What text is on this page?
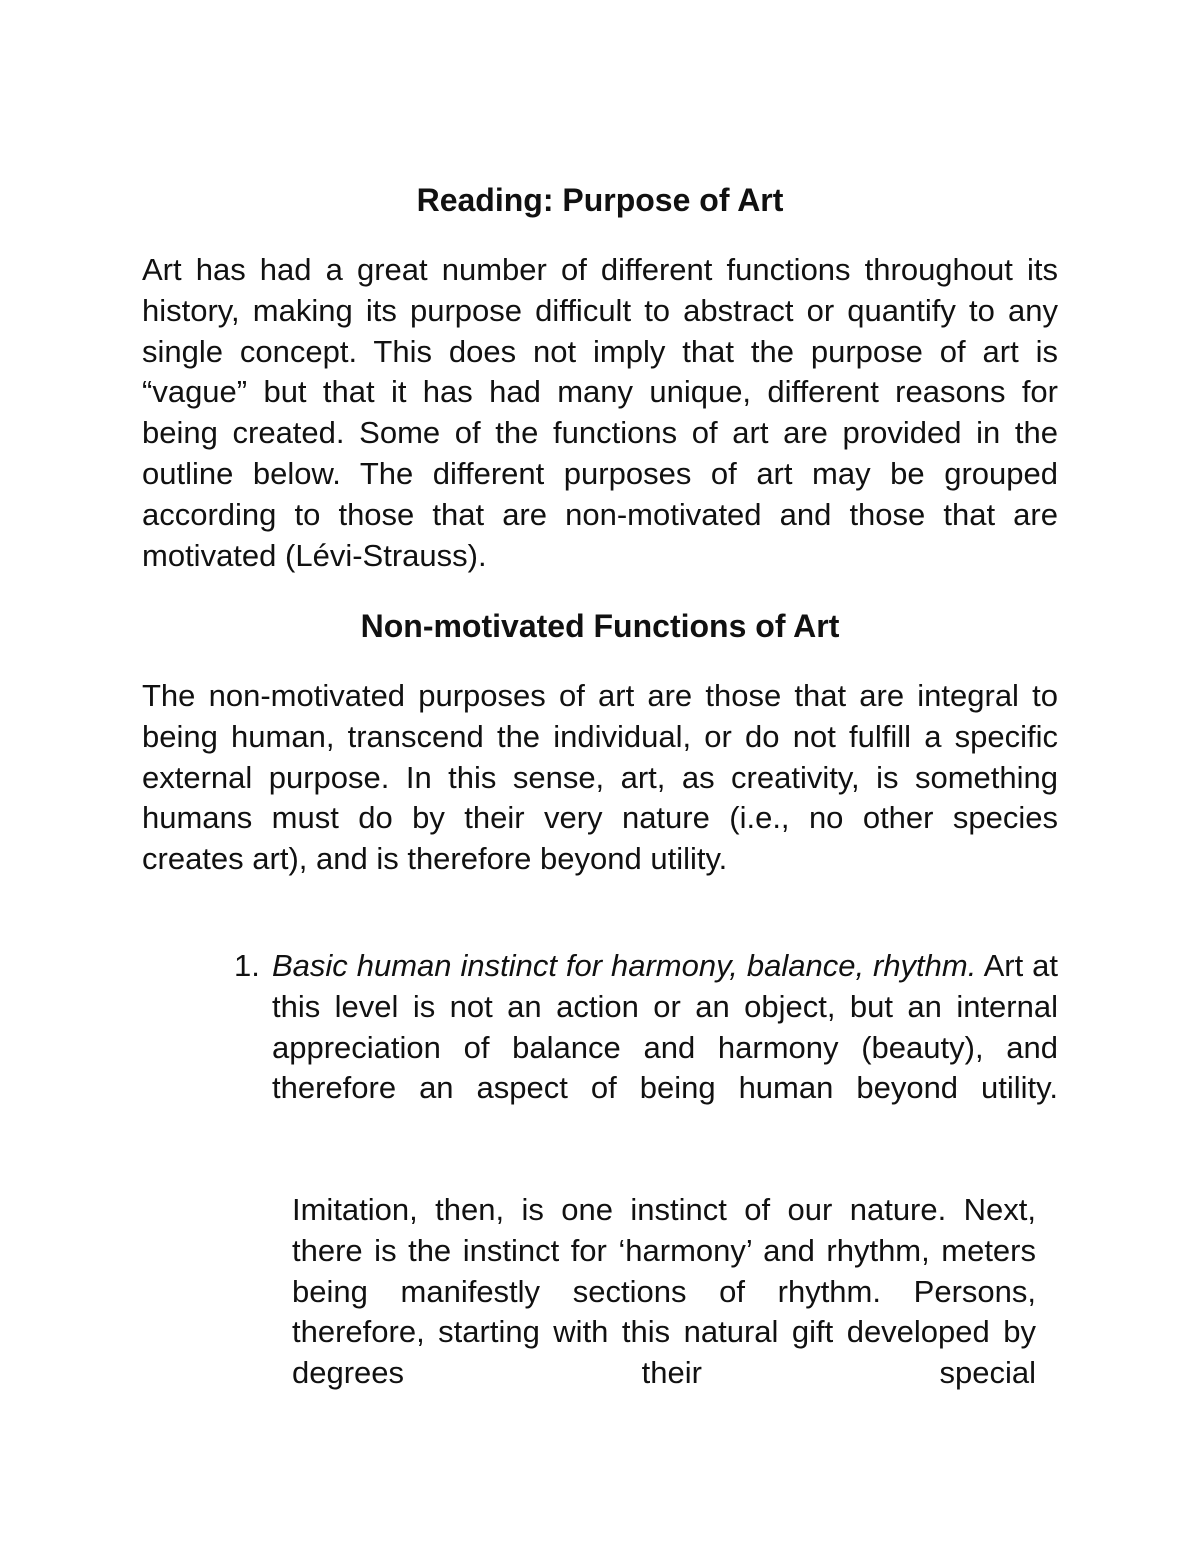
Reading: Purpose of Art

Art has had a great number of different functions throughout its history, making its purpose difficult to abstract or quantify to any single concept. This does not imply that the purpose of art is “vague” but that it has had many unique, different reasons for being created. Some of the functions of art are provided in the outline below. The different purposes of art may be grouped according to those that are non-motivated and those that are motivated (Lévi-Strauss).

Non-motivated Functions of Art

The non-motivated purposes of art are those that are integral to being human, transcend the individual, or do not fulfill a specific external purpose. In this sense, art, as creativity, is something humans must do by their very nature (i.e., no other species creates art), and is therefore beyond utility.

1. Basic human instinct for harmony, balance, rhythm. Art at this level is not an action or an object, but an internal appreciation of balance and harmony (beauty), and therefore an aspect of being human beyond utility.

Imitation, then, is one instinct of our nature. Next, there is the instinct for ‘harmony’ and rhythm, meters being manifestly sections of rhythm. Persons, therefore, starting with this natural gift developed by degrees their special
